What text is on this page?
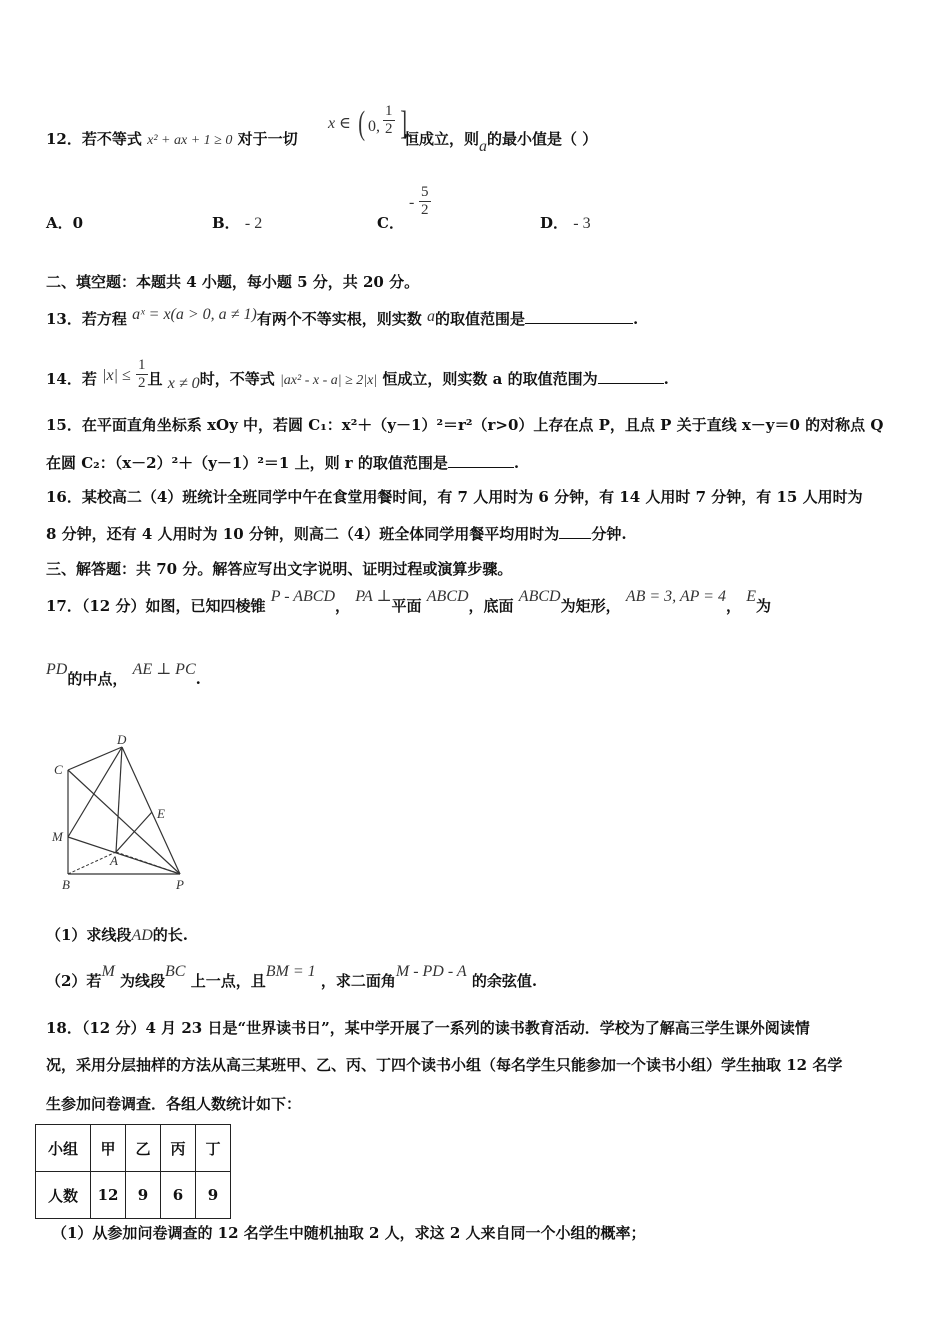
12．若不等式 x² + ax + 1 ≥ 0 对于一切
x ∈ ( 0, $\frac{1}{2}$ ]
恒成立，则a的最小值是（ ）
A．0	B． - 2	C．
- $\frac{5}{2}$
D． - 3
二、填空题：本题共 4 小题，每小题 5 分，共 20 分。
13．若方程 aˣ = x(a > 0, a ≠ 1)有两个不等实根，则实数 a的取值范围是	.
14．若 $|x| \le \frac{1}{2}$ 且 x ≠ 0时，不等式 |ax² - x - a| ≥ 2|x| 恒成立，则实数 a 的取值范围为	.
15．在平面直角坐标系 xOy 中，若圆 C₁：x²＋（y－1）²＝r²（r>0）上存在点 P，且点 P 关于直线 x－y＝0 的对称点 Q
在圆 C₂：（x－2）²＋（y－1）²＝1 上，则 r 的取值范围是	.
16．某校高二（4）班统计全班同学中午在食堂用餐时间，有 7 人用时为 6 分钟，有 14 人用时 7 分钟，有 15 人用时为
8 分钟，还有 4 人用时为 10 分钟，则高二（4）班全体同学用餐平均用时为 分钟.
三、解答题：共 70 分。解答应写出文字说明、证明过程或演算步骤。
17．（12 分）如图，已知四棱锥 P - ABCD， PA ⊥平面 ABCD，底面 ABCD为矩形， AB = 3, AP = 4， E为
PD的中点， AE ⊥ PC.
C
D
E
M
A
B	P
（1）求线段AD的长.
（2）若M 为线段BC 上一点，且BM = 1 ，求二面角M - PD - A 的余弦值.
18．（12 分）4 月 23 日是“世界读书日”，某中学开展了一系列的读书教育活动．学校为了解高三学生课外阅读情
况，采用分层抽样的方法从高三某班甲、乙、丙、丁四个读书小组（每名学生只能参加一个读书小组）学生抽取 12 名学
生参加问卷调查．各组人数统计如下：
小组	甲	乙	丙	丁
人数	12	9	6	9
（1）从参加问卷调查的 12 名学生中随机抽取 2 人，求这 2 人来自同一个小组的概率；
